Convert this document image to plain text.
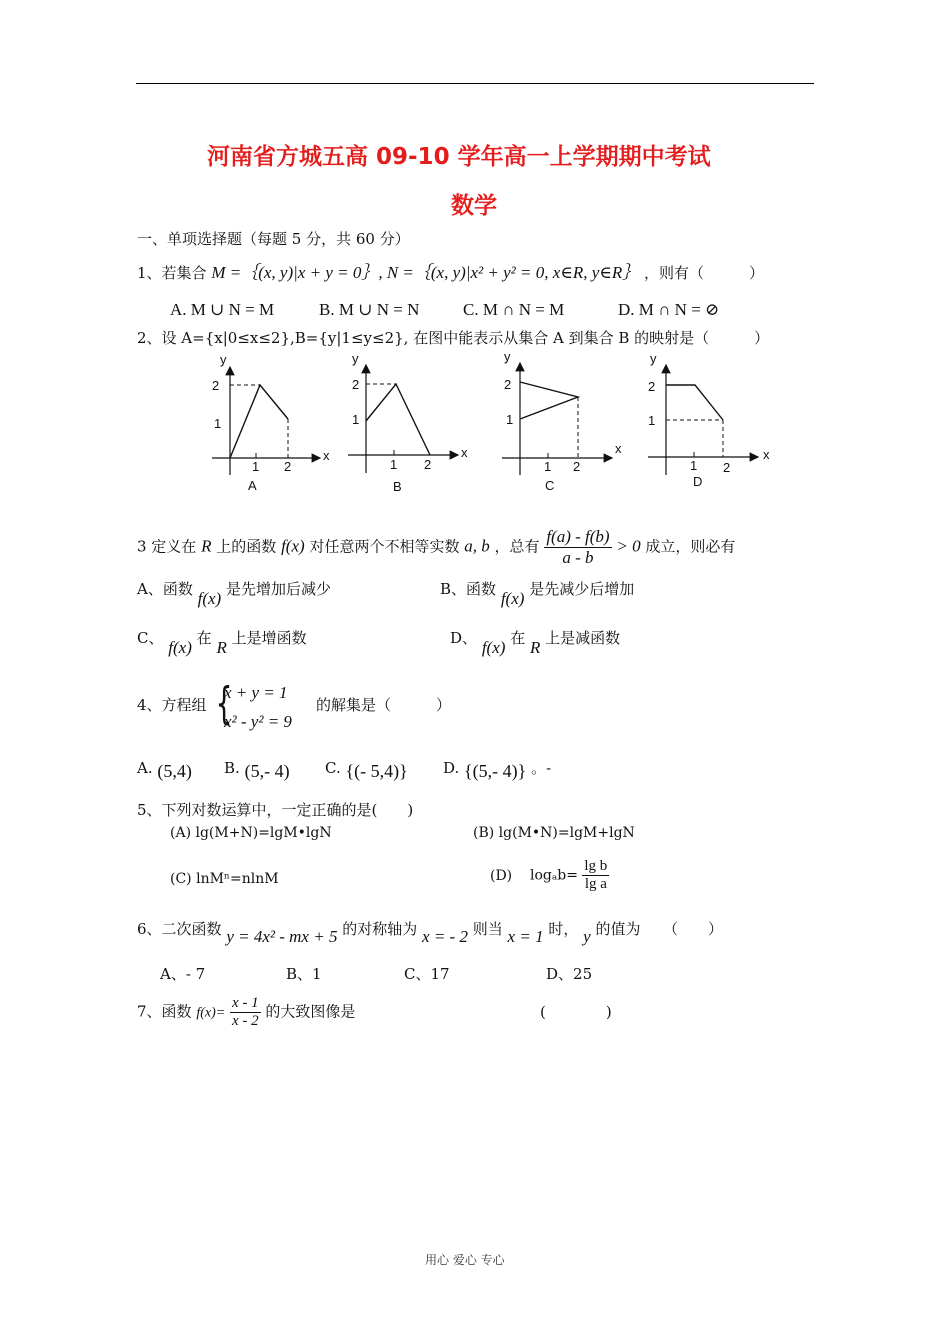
河南省方城五高 09-10 学年高一上学期期中考试
数学
一、单项选择题（每题 5 分，共 60 分）
1、若集合 M =｛(x, y)|x + y = 0｝, N =｛(x, y)|x² + y² = 0, x∈R, y∈R｝ ，则有（　　　）
A. M ∪ N = M	B. M ∪ N = N	C. M ∩ N = M	D. M ∩ N = ⊘
2、设 A={x|0≤x≤2},B={y|1≤y≤2}, 在图中能表示从集合 A 到集合 B 的映射是（　　　）
y
x
2
1
1 2
A
y
x
2
1
1 2
B
y
x
2
1
1 2
C
y
x
2
1
1 2
D
3 定义在 R 上的函数 f(x) 对任意两个不相等实数 a, b ，总有 $\frac{f(a) - f(b)}{a - b} > 0$ 成立，则必有
A、函数 f(x) 是先增加后减少	B、函数 f(x) 是先减少后增加
C、 f(x) 在 R 上是增函数	D、 f(x) 在 R 上是减函数
4、方程组 {
x + y = 1
x² - y² = 9
的解集是（　　　）
A. (5,4) B. (5,- 4) C. {(- 5,4)} D. {(5,- 4)} 。-
5、下列对数运算中，一定正确的是(　　)
(A) lg(M+N)=lgM•lgN	(B) lg(M•N)=lgM+lgN
(C) lnMⁿ=nlnM	(D) $\log_ab= \frac{\text{lg b}}{\text{lg a}}$
6、二次函数 y = 4x² - mx + 5 的对称轴为 x = - 2 则当 x = 1 时， y 的值为　　（　　）
A、- 7	B、1	C、17	D、25
7、函数 $f(x)= \frac{x - 1}{x - 2}$ 的大致图像是	(　　　　)
用心 爱心 专心
